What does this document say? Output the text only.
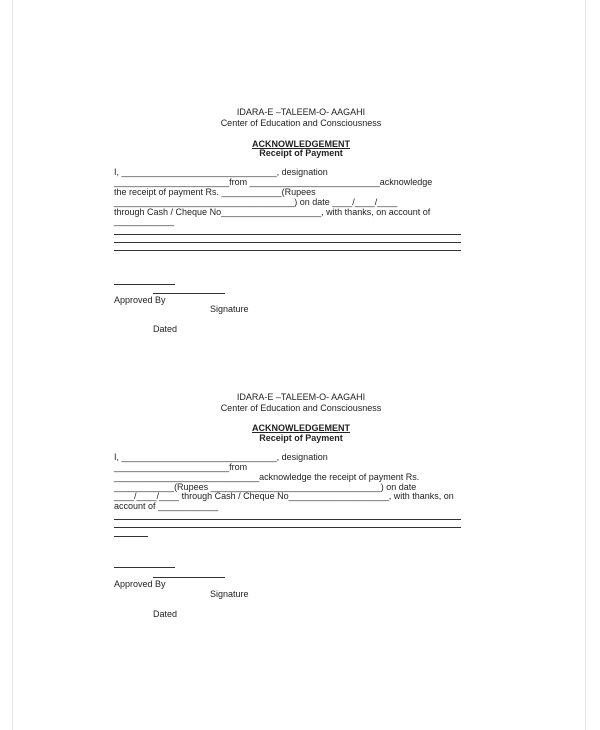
IDARA-E –TALEEM-O- AAGAHI
Center of Education and Consciousness
ACKNOWLEDGEMENT
Receipt of Payment
I, _______________________________, designation
_______________________from __________________________acknowledge
the receipt of payment Rs. ____________(Rupees
____________________________________) on date ____/____/____
through Cash / Cheque No____________________, with thanks, on account of
____________
Approved By
Signature
Dated
IDARA-E –TALEEM-O- AAGAHI
Center of Education and Consciousness
ACKNOWLEDGEMENT
Receipt of Payment
I, _______________________________, designation
_______________________from
_____________________________acknowledge the receipt of payment Rs.
____________(Rupees __________________________________) on date
____/____/____ through Cash / Cheque No____________________, with thanks, on
account of ____________
Approved By
Signature
Dated
